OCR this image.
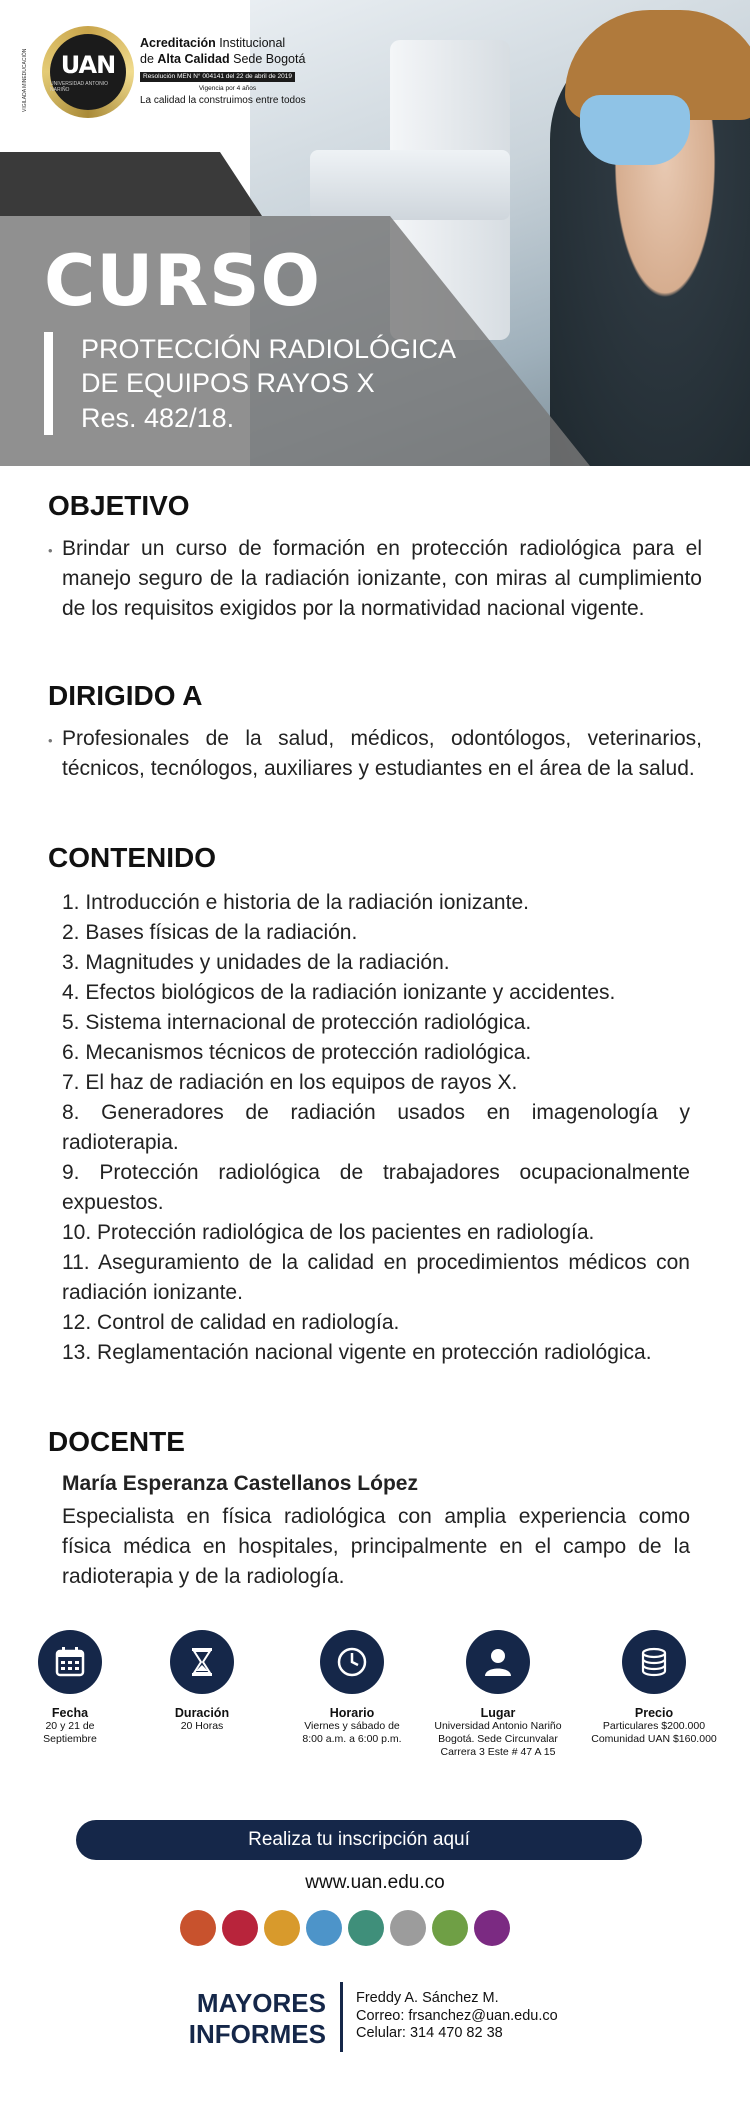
VIGILADA MINEDUCACIÓN UAN
UNIVERSIDAD ANTONIO NARIÑO
Acreditación Institucional
de Alta Calidad Sede Bogotá
Resolución MEN N° 004141 del 22 de abril de 2019
Vigencia por 4 años
La calidad la construimos entre todos
CURSO
PROTECCIÓN RADIOLÓGICA
DE EQUIPOS RAYOS X
Res. 482/18.
OBJETIVO
• Brindar un curso de formación en protección radiológica para el manejo seguro de la radiación ionizante, con miras al cumplimiento de los requisitos exigidos por la normatividad nacional vigente.

DIRIGIDO A
• Profesionales de la salud, médicos, odontólogos, veterinarios, técnicos, tecnólogos, auxiliares y estudiantes en el área de la salud.

CONTENIDO
1. Introducción e historia de la radiación ionizante.
2. Bases físicas de la radiación.
3. Magnitudes y unidades de la radiación.
4. Efectos biológicos de la radiación ionizante y accidentes.
5. Sistema internacional de protección radiológica.
6. Mecanismos técnicos de protección radiológica.
7. El haz de radiación en los equipos de rayos X.
8. Generadores de radiación usados en imagenología y radioterapia.
9. Protección radiológica de trabajadores ocupacionalmente expuestos.
10. Protección radiológica de los pacientes en radiología.
11. Aseguramiento de la calidad en procedimientos médicos con radiación ionizante.
12. Control de calidad en radiología.
13. Reglamentación nacional vigente en protección radiológica.
DOCENTE
María Esperanza Castellanos López
Especialista en física radiológica con amplia experiencia como física médica en hospitales, principalmente en el campo de la radioterapia y de la radiología.
Fecha
20 y 21 de
Septiembre
Duración
20 Horas
Horario
Viernes y sábado de
8:00 a.m. a 6:00 p.m.
Lugar
Universidad Antonio Nariño
Bogotá. Sede Circunvalar
Carrera 3 Este # 47 A 15
Precio
Particulares $200.000
Comunidad UAN $160.000
Realiza tu inscripción aquí
www.uan.edu.co
MAYORES
INFORMES
Freddy A. Sánchez M.
Correo: frsanchez@uan.edu.co
Celular: 314 470 82 38
